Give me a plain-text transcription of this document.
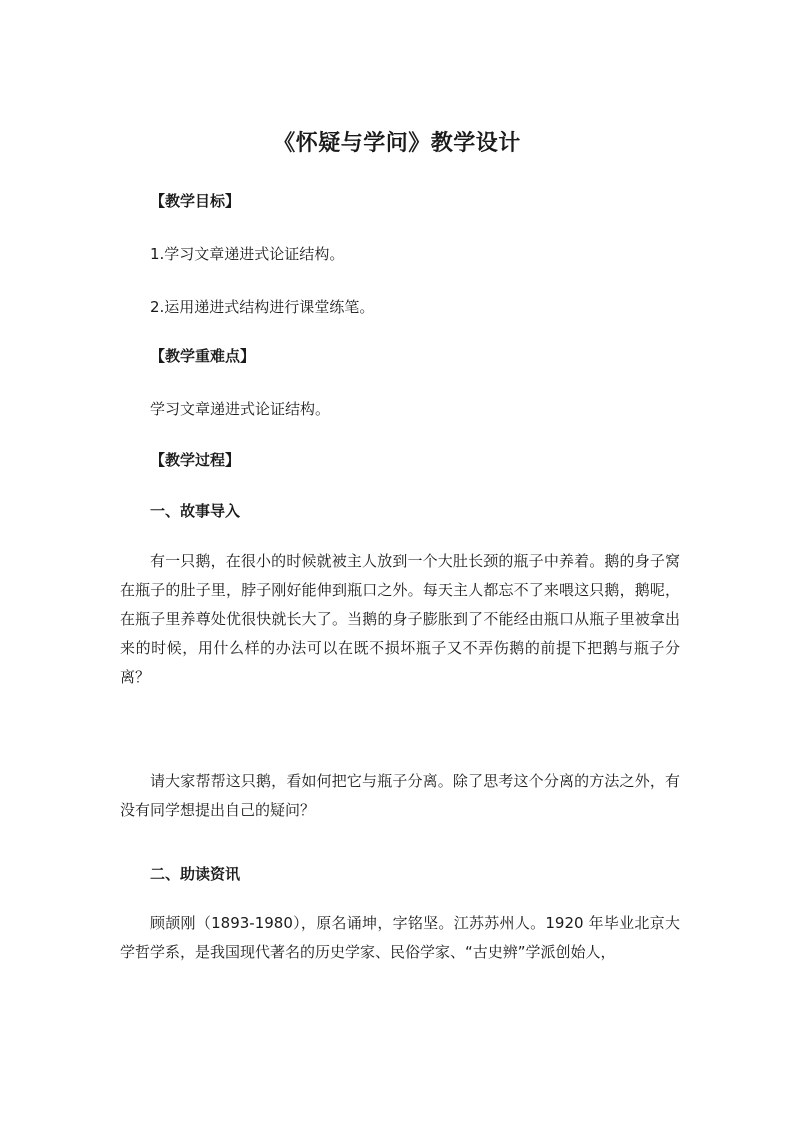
《怀疑与学问》教学设计

【教学目标】

1.学习文章递进式论证结构。

2.运用递进式结构进行课堂练笔。

【教学重难点】

学习文章递进式论证结构。

【教学过程】

一、故事导入

有一只鹅，在很小的时候就被主人放到一个大肚长颈的瓶子中养着。鹅的身子窝在瓶子的肚子里，脖子刚好能伸到瓶口之外。每天主人都忘不了来喂这只鹅，鹅呢，在瓶子里养尊处优很快就长大了。当鹅的身子膨胀到了不能经由瓶口从瓶子里被拿出来的时候，用什么样的办法可以在既不损坏瓶子又不弄伤鹅的前提下把鹅与瓶子分离？

请大家帮帮这只鹅，看如何把它与瓶子分离。除了思考这个分离的方法之外，有没有同学想提出自己的疑问？

二、助读资讯

顾颉刚（1893-1980），原名诵坤，字铭坚。江苏苏州人。1920 年毕业北京大学哲学系，是我国现代著名的历史学家、民俗学家、“古史辨”学派创始人，
